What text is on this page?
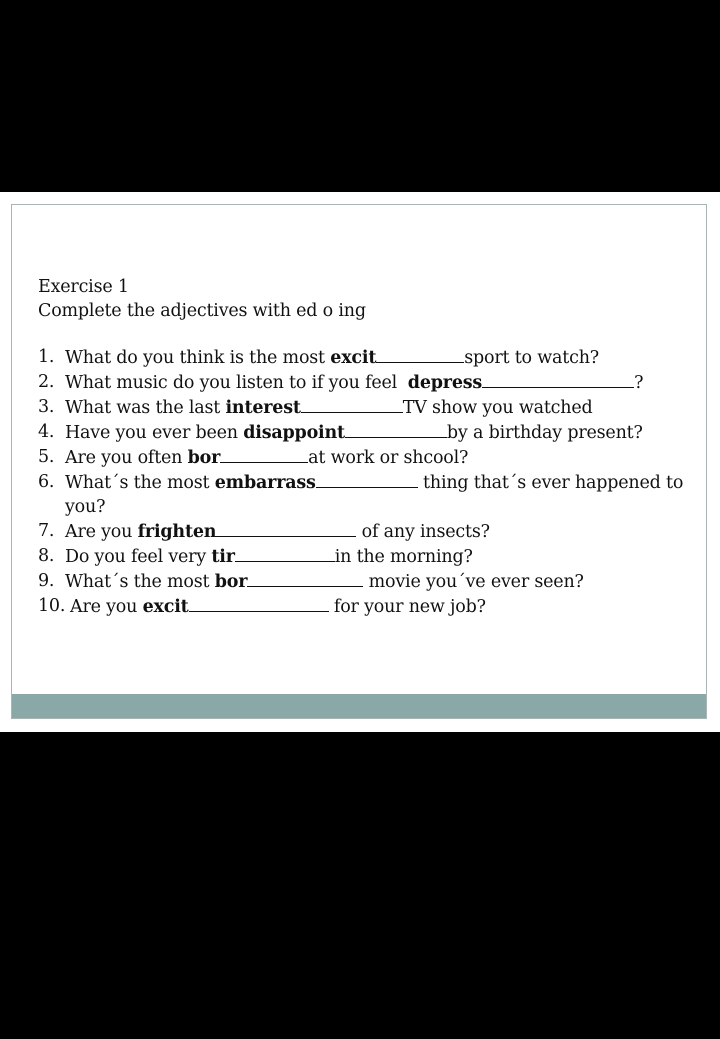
Exercise 1
Complete the adjectives with ed o ing
1. What do you think is the most excit	sport to watch?
2. What music do you listen to if you feel  depress	?
3. What was the last interest	TV show you watched
4. Have you ever been disappoint	by a birthday present?
5. Are you often bor	at work or shcool?
6. What´s the most embarrass	thing that´s ever happened to you?
7. Are you frighten	of any insects?
8. Do you feel very tir	in the morning?
9. What´s the most bor	movie you´ve ever seen?
10. Are you excit	for your new job?
